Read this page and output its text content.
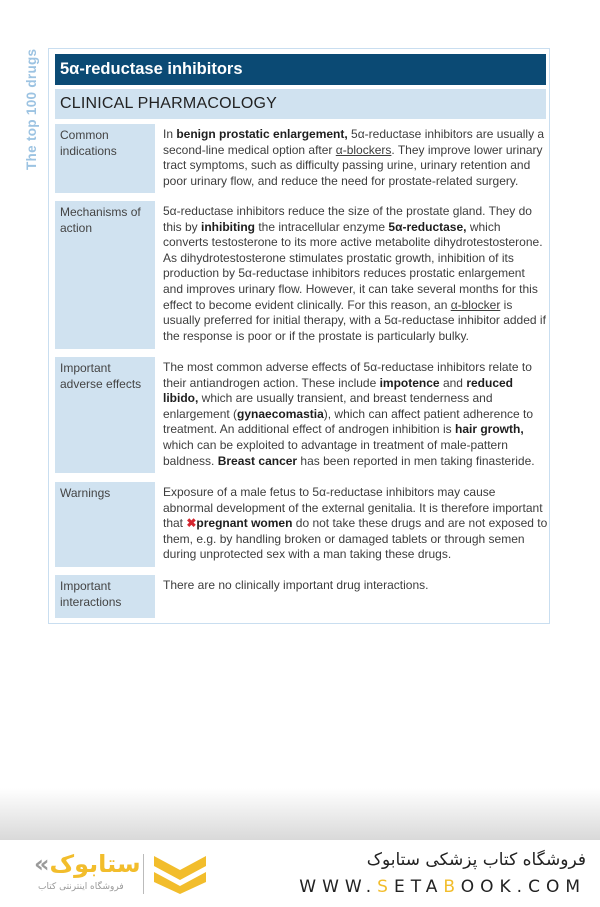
The top 100 drugs	5α-reductase inhibitors
CLINICAL PHARMACOLOGY
Common indications
In benign prostatic enlargement, 5α-reductase inhibitors are usually a second-line medical option after α-blockers. They improve lower urinary tract symptoms, such as difficulty passing urine, urinary retention and poor urinary flow, and reduce the need for prostate-related surgery.
Mechanisms of action
5α-reductase inhibitors reduce the size of the prostate gland. They do this by inhibiting the intracellular enzyme 5α-reductase, which converts testosterone to its more active metabolite dihydrotestosterone. As dihydrotestosterone stimulates prostatic growth, inhibition of its production by 5α-reductase inhibitors reduces prostatic enlargement and improves urinary flow. However, it can take several months for this effect to become evident clinically. For this reason, an α-blocker is usually preferred for initial therapy, with a 5α-reductase inhibitor added if the response is poor or if the prostate is particularly bulky.
Important adverse effects
The most common adverse effects of 5α-reductase inhibitors relate to their antiandrogen action. These include impotence and reduced libido, which are usually transient, and breast tenderness and enlargement (gynaecomastia), which can affect patient adherence to treatment. An additional effect of androgen inhibition is hair growth, which can be exploited to advantage in treatment of male-pattern baldness. Breast cancer has been reported in men taking finasteride.
Warnings	Exposure of a male fetus to 5α-reductase inhibitors may cause abnormal development of the external genitalia. It is therefore important that ✖pregnant women do not take these drugs and are not exposed to them, e.g. by handling broken or damaged tablets or through semen during unprotected sex with a man taking these drugs.
Important interactions
There are no clinically important drug interactions.
«ستابوک
فروشگاه اینترنتی کتاب
فروشگاه کتاب پزشکی ستابوک
WWW.SETABOOK.COM
